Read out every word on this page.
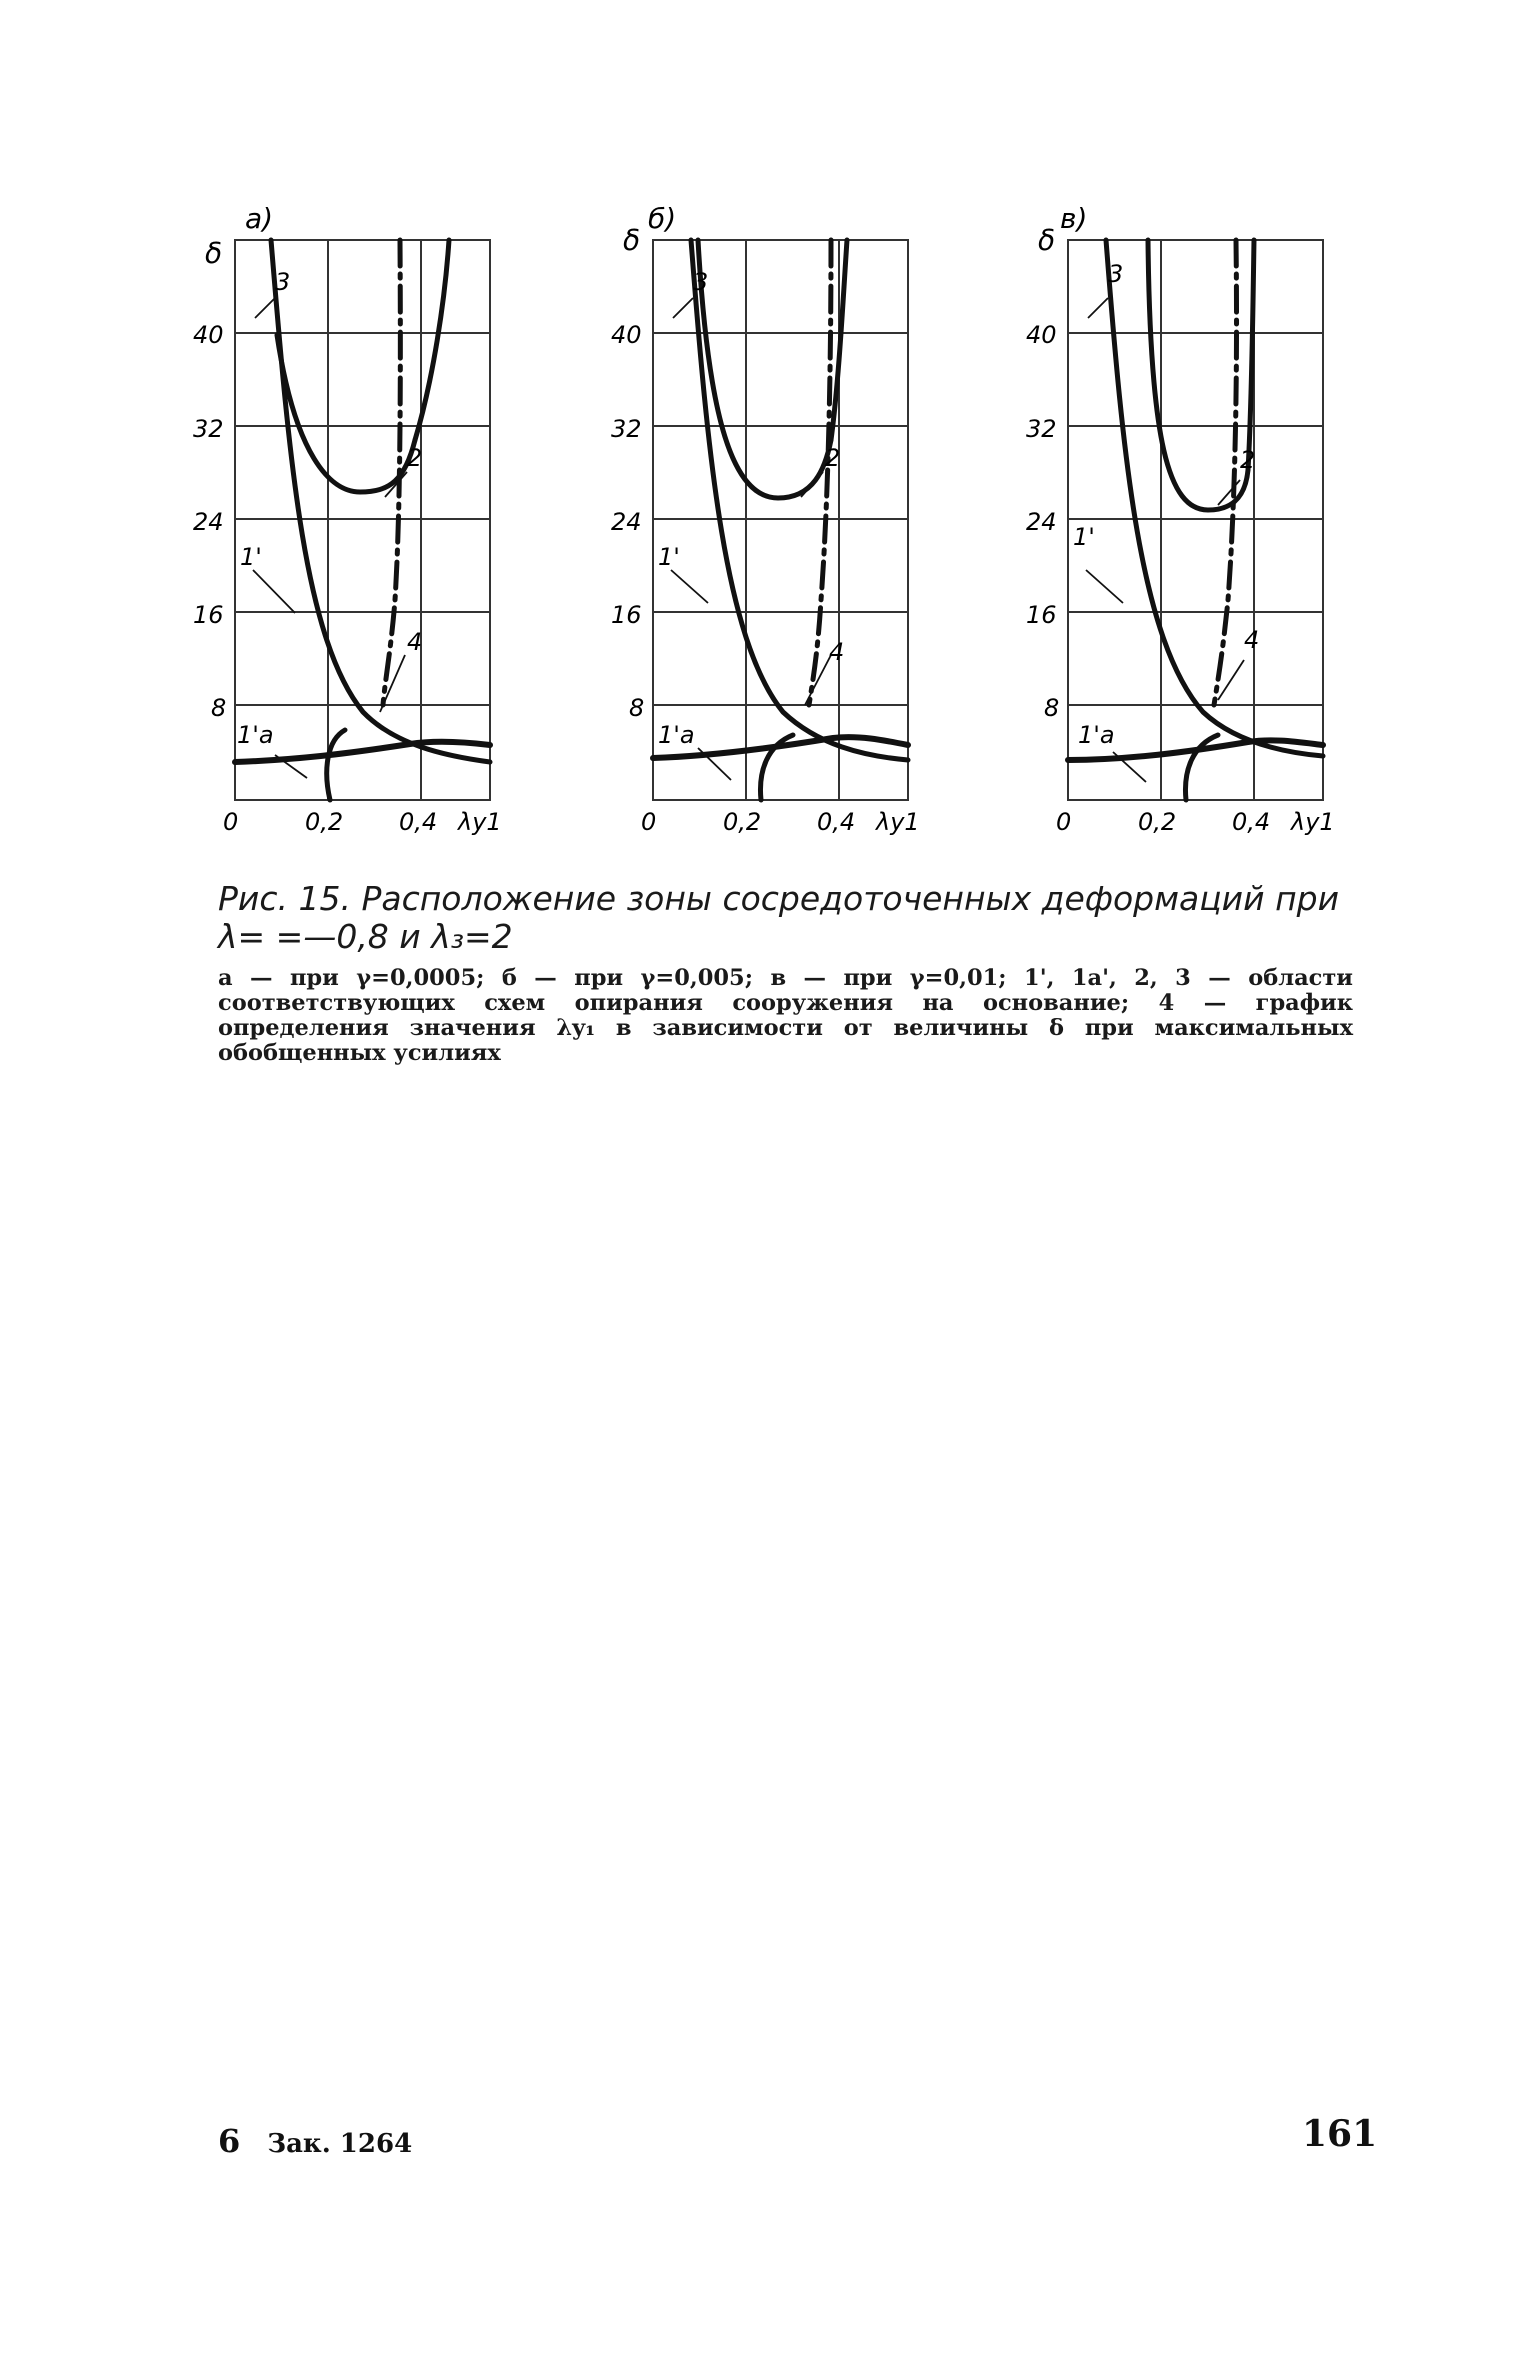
а)
δ
40
32
24
16
8
0	0,2 0,4 λy1
3
2
1'
4
1'a
б)
δ
40
32
24
16
8
0	0,2 0,4 λy1
3
2
1'
4
1'a
в)
δ
40
32
24
16
8
0	0,2 0,4 λy1
3
2
1'
4
1'a
Рис. 15. Расположение зоны сосредоточенных деформаций при λ= =—0,8 и λ₃=2
а — при γ=0,0005; б — при γ=0,005; в — при γ=0,01; 1', 1a', 2, 3 — области соответствующих схем опирания сооружения на основание; 4 — график определения значения λy₁ в зависимости от величины δ при максимальных обобщенных усилиях
6 Зак. 1264	161
